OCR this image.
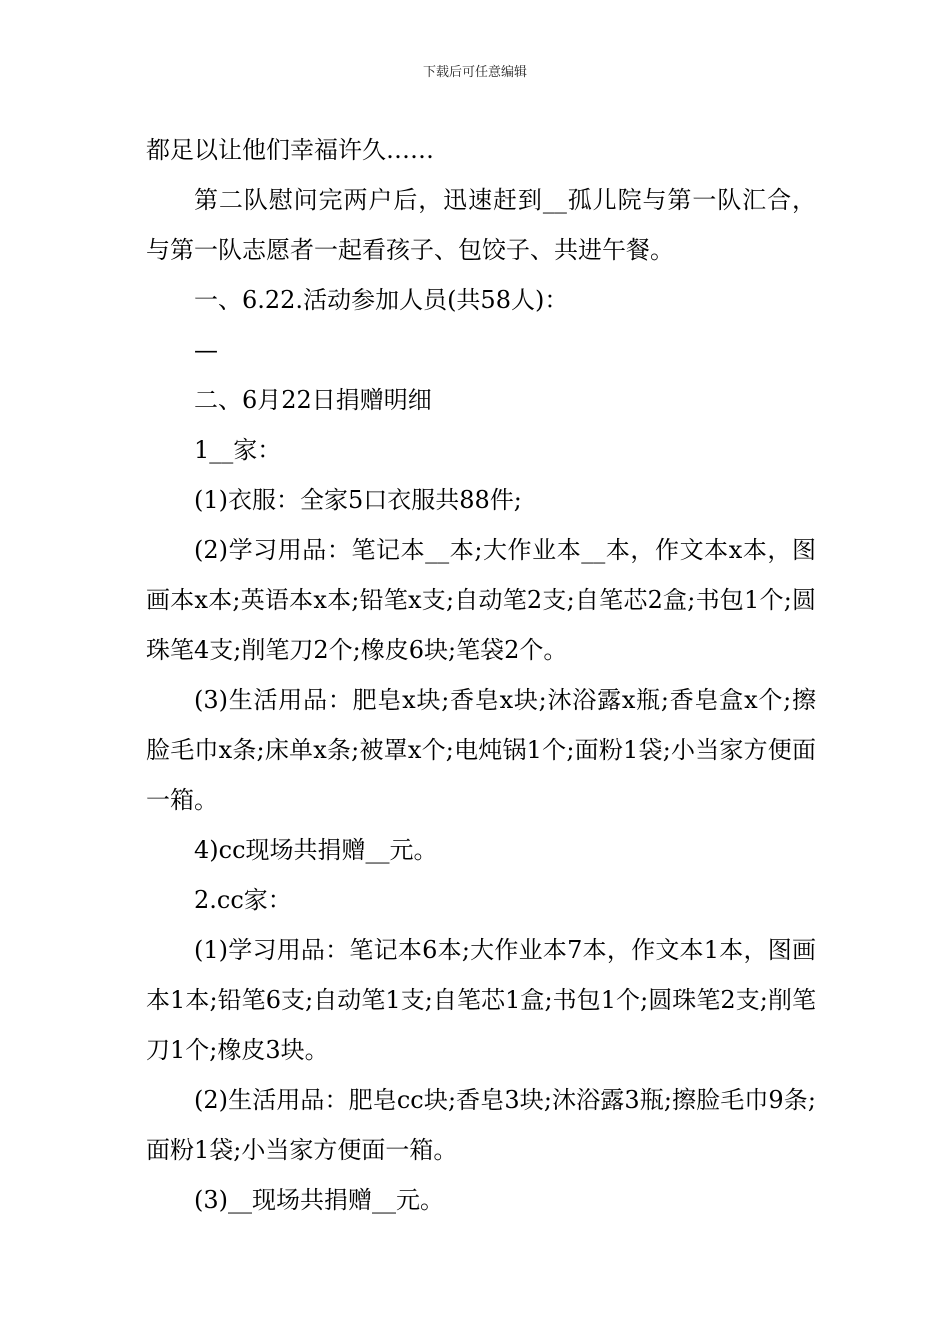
下载后可任意编辑

都足以让他们幸福许久……

第二队慰问完两户后，迅速赶到__孤儿院与第一队汇合，与第一队志愿者一起看孩子、包饺子、共进午餐。

一、6.22.活动参加人员(共58人)：

—

二、6月22日捐赠明细

1__家：

(1)衣服：全家5口衣服共88件;

(2)学习用品：笔记本__本;大作业本__本，作文本x本，图画本x本;英语本x本;铅笔x支;自动笔2支;自笔芯2盒;书包1个;圆珠笔4支;削笔刀2个;橡皮6块;笔袋2个。

(3)生活用品：肥皂x块;香皂x块;沐浴露x瓶;香皂盒x个;擦脸毛巾x条;床单x条;被罩x个;电炖锅1个;面粉1袋;小当家方便面一箱。

4)cc现场共捐赠__元。

2.cc家：

(1)学习用品：笔记本6本;大作业本7本，作文本1本，图画本1本;铅笔6支;自动笔1支;自笔芯1盒;书包1个;圆珠笔2支;削笔刀1个;橡皮3块。

(2)生活用品：肥皂cc块;香皂3块;沐浴露3瓶;擦脸毛巾9条;面粉1袋;小当家方便面一箱。

(3)__现场共捐赠__元。
